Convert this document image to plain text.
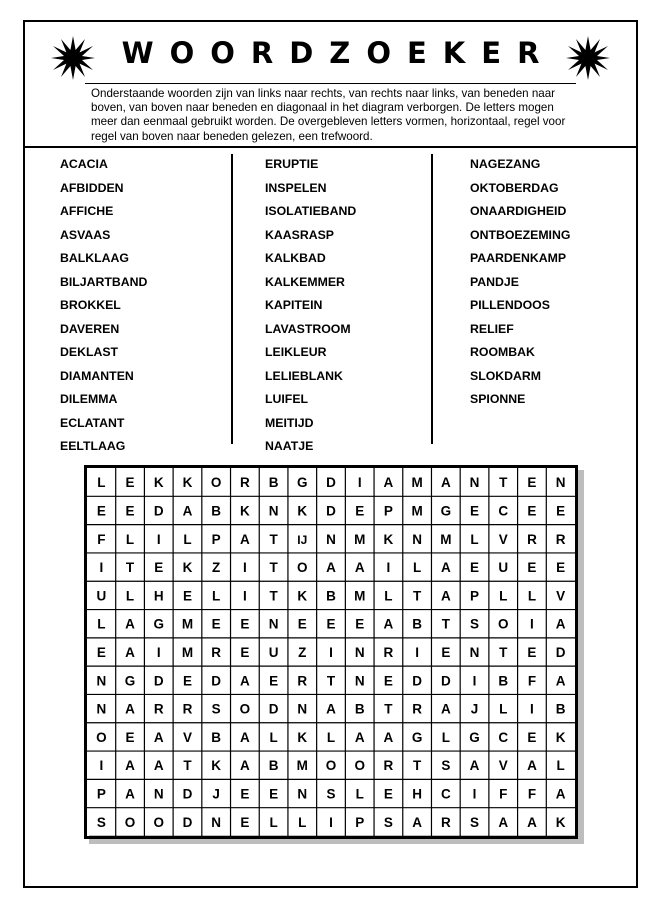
WOORDZOEKER
Onderstaande woorden zijn van links naar rechts, van rechts naar links, van beneden naar boven, van boven naar beneden en diagonaal in het diagram verborgen. De letters mogen meer dan eenmaal gebruikt worden. De overgebleven letters vormen, horizontaal, regel voor regel van boven naar beneden gelezen, een trefwoord.
ACACIA
AFBIDDEN
AFFICHE
ASVAAS
BALKLAAG
BILJARTBAND
BROKKEL
DAVEREN
DEKLAST
DIAMANTEN
DILEMMA
ECLATANT
EELTLAAG
ERUPTIE
INSPELEN
ISOLATIEBAND
KAASRASP
KALKBAD
KALKEMMER
KAPITEIN
LAVASTROOM
LEIKLEUR
LELIEBLANK
LUIFEL
MEITIJD
NAATJE
NAGEZANG
OKTOBERDAG
ONAARDIGHEID
ONTBOEZEMING
PAARDENKAMP
PANDJE
PILLENDOOS
RELIEF
ROOMBAK
SLOKDARM
SPIONNE
L E K K O R B G D I A M A N T E N
E E D A B K N K D E P M G E C E E
F L I L P A T IJ N M K N M L V R R
I T E K Z I T O A A I L A E U E E
U L H E L I T K B M L T A P L L V
L A G M E E N E E E A B T S O I A
E A I M R E U Z I N R I E N T E D
N G D E D A E R T N E D D I B F A
N A R R S O D N A B T R A J L I B
O E A V B A L K L A A G L G C E K
I A A T K A B M O O R T S A V A L
P A N D J E E N S L E H C I F F A
S O O D N E L L I P S A R S A A K
